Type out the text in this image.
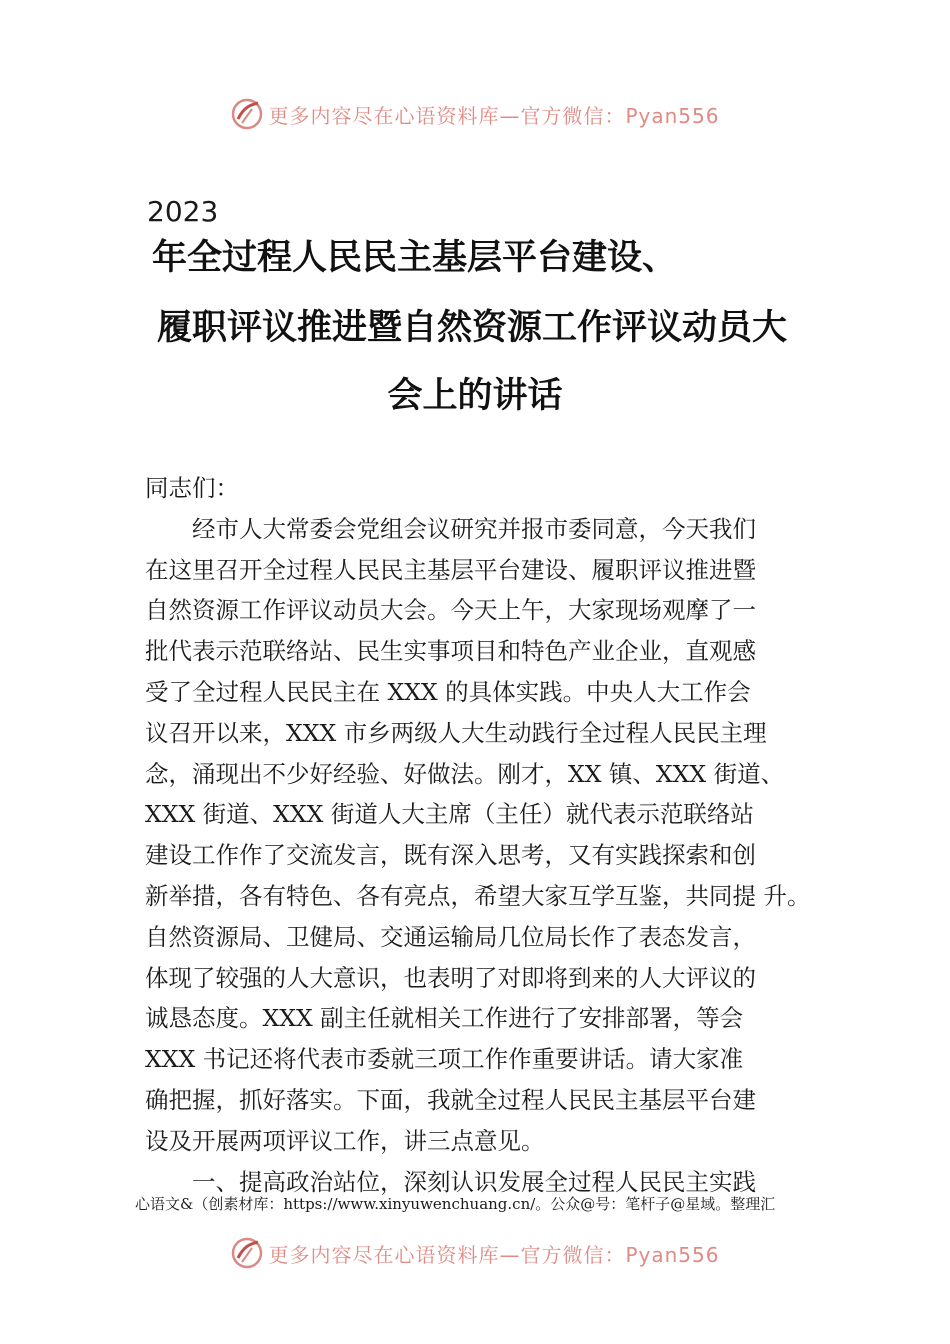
更多内容尽在心语资料库—官方微信：Pyan556
2023
年全过程人民民主基层平台建设、
履职评议推进暨自然资源工作评议动员大
会上的讲话
同志们：
　　经市人大常委会党组会议研究并报市委同意，今天我们
在这里召开全过程人民民主基层平台建设、履职评议推进暨
自然资源工作评议动员大会。今天上午，大家现场观摩了一
批代表示范联络站、民生实事项目和特色产业企业，直观感
受了全过程人民民主在 XXX 的具体实践。中央人大工作会
议召开以来，XXX 市乡两级人大生动践行全过程人民民主理
念，涌现出不少好经验、好做法。刚才，XX 镇、XXX 街道、
XXX 街道、XXX 街道人大主席（主任）就代表示范联络站
建设工作作了交流发言，既有深入思考，又有实践探索和创
新举措，各有特色、各有亮点，希望大家互学互鉴，共同提 升。
自然资源局、卫健局、交通运输局几位局长作了表态发言，
体现了较强的人大意识，也表明了对即将到来的人大评议的
诚恳态度。XXX 副主任就相关工作进行了安排部署，等会
XXX 书记还将代表市委就三项工作作重要讲话。请大家准
确把握，抓好落实。下面，我就全过程人民民主基层平台建
设及开展两项评议工作，讲三点意见。
　　一、提高政治站位，深刻认识发展全过程人民民主实践
心语文&（创素材库：https://www.xinyuwenchuang.cn/。公众@号：笔杆子@星域。整理汇
更多内容尽在心语资料库—官方微信：Pyan556
